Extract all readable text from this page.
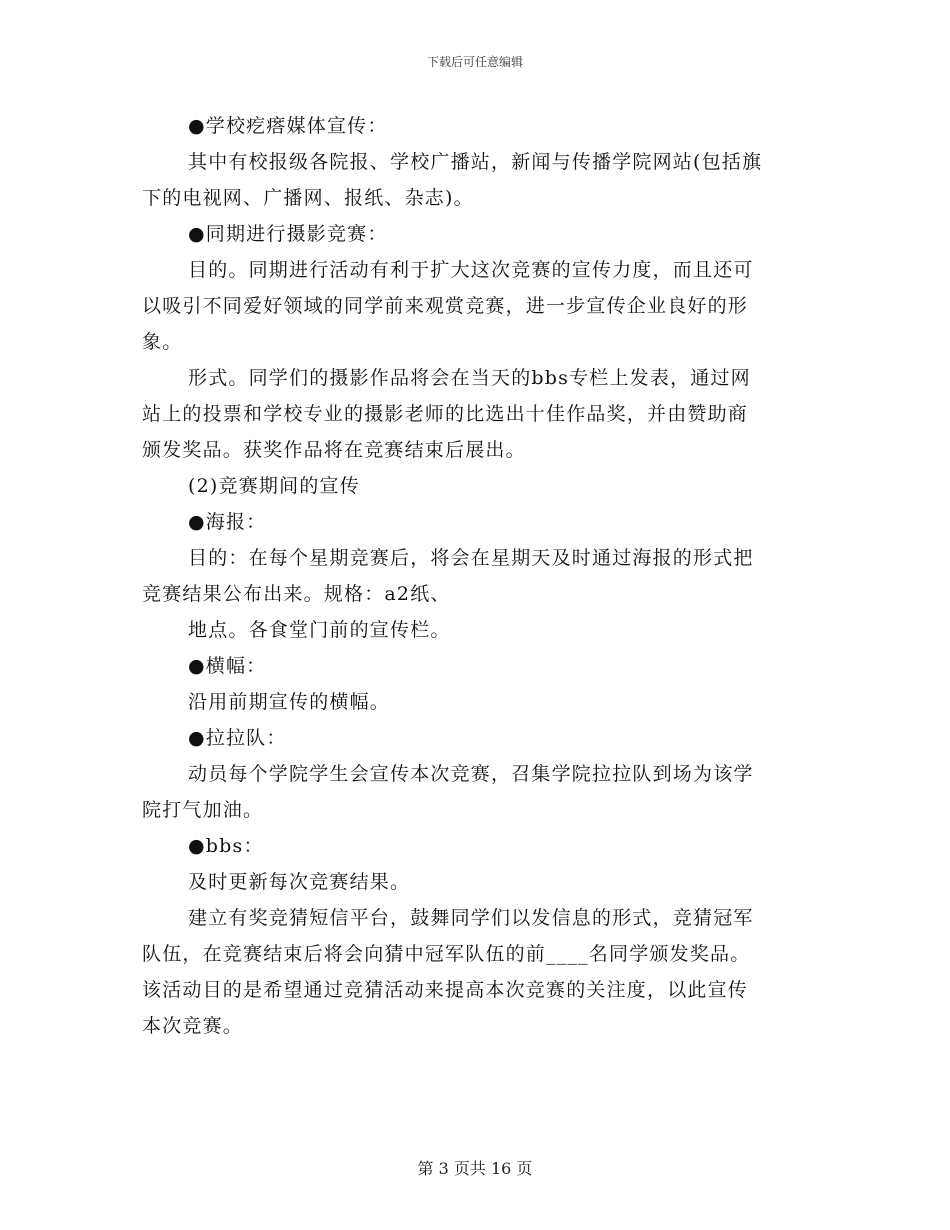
下载后可任意编辑
●学校疙瘩媒体宣传：
其中有校报级各院报、学校广播站，新闻与传播学院网站(包括旗
下的电视网、广播网、报纸、杂志)。
●同期进行摄影竞赛：
目的。同期进行活动有利于扩大这次竞赛的宣传力度，而且还可
以吸引不同爱好领域的同学前来观赏竞赛，进一步宣传企业良好的形
象。
形式。同学们的摄影作品将会在当天的bbs专栏上发表，通过网
站上的投票和学校专业的摄影老师的比选出十佳作品奖，并由赞助商
颁发奖品。获奖作品将在竞赛结束后展出。
(2)竞赛期间的宣传
●海报：
目的：在每个星期竞赛后，将会在星期天及时通过海报的形式把
竞赛结果公布出来。规格：a2纸、
地点。各食堂门前的宣传栏。
●横幅：
沿用前期宣传的横幅。
●拉拉队：
动员每个学院学生会宣传本次竞赛，召集学院拉拉队到场为该学
院打气加油。
●bbs：
及时更新每次竞赛结果。
建立有奖竞猜短信平台，鼓舞同学们以发信息的形式，竞猜冠军
队伍，在竞赛结束后将会向猜中冠军队伍的前____名同学颁发奖品。
该活动目的是希望通过竞猜活动来提高本次竞赛的关注度，以此宣传
本次竞赛。
第 3 页共 16 页
